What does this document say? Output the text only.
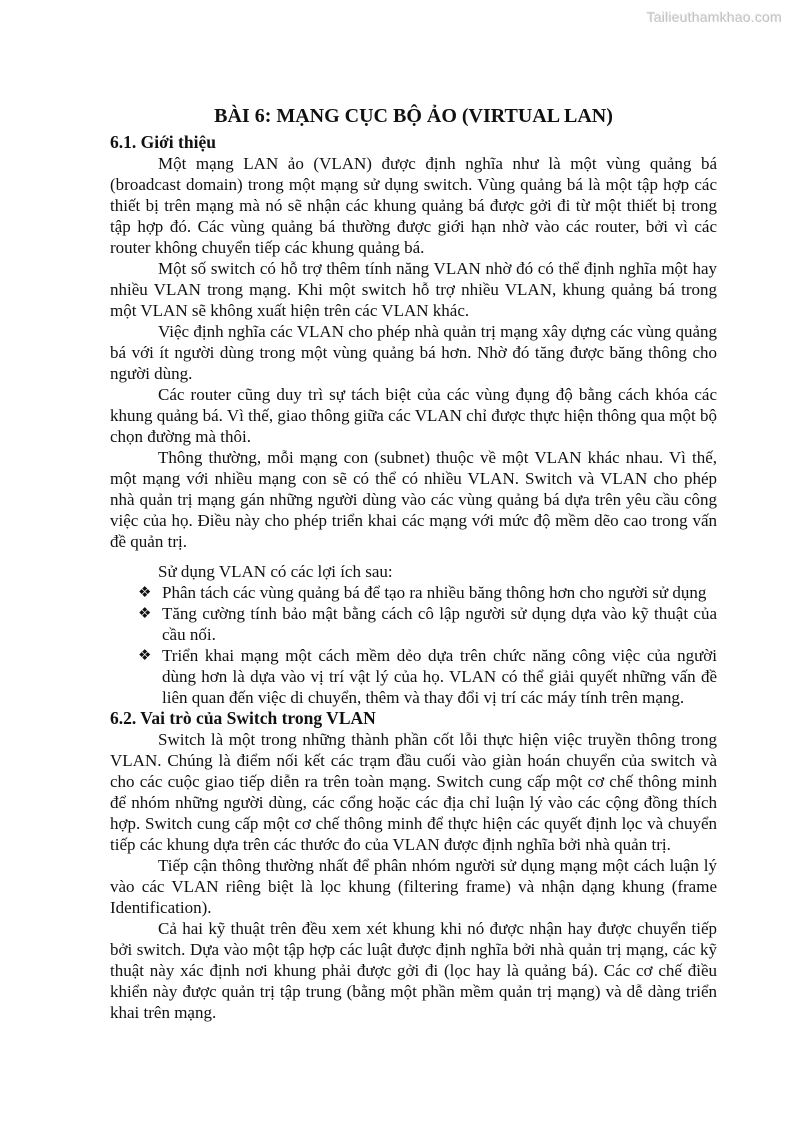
Tailieuthamkhao.com
BÀI 6: MẠNG CỤC BỘ ẢO (VIRTUAL LAN)
6.1. Giới thiệu

Một mạng LAN ảo (VLAN) được định nghĩa như là một vùng quảng bá (broadcast domain) trong một mạng sử dụng switch. Vùng quảng bá là một tập hợp các thiết bị trên mạng mà nó sẽ nhận các khung quảng bá được gởi đi từ một thiết bị trong tập hợp đó. Các vùng quảng bá thường được giới hạn nhờ vào các router, bởi vì các router không chuyển tiếp các khung quảng bá.

Một số switch có hỗ trợ thêm tính năng VLAN nhờ đó có thể định nghĩa một hay nhiều VLAN trong mạng. Khi một switch hỗ trợ nhiều VLAN, khung quảng bá trong một VLAN sẽ không xuất hiện trên các VLAN khác.

Việc định nghĩa các VLAN cho phép nhà quản trị mạng xây dựng các vùng quảng bá với ít người dùng trong một vùng quảng bá hơn. Nhờ đó tăng được băng thông cho người dùng.

Các router cũng duy trì sự tách biệt của các vùng đụng độ bằng cách khóa các khung quảng bá. Vì thế, giao thông giữa các VLAN chỉ được thực hiện thông qua một bộ chọn đường mà thôi.

Thông thường, mỗi mạng con (subnet) thuộc về một VLAN khác nhau. Vì thế, một mạng với nhiều mạng con sẽ có thể có nhiều VLAN. Switch và VLAN cho phép nhà quản trị mạng gán những người dùng vào các vùng quảng bá dựa trên yêu cầu công việc của họ. Điều này cho phép triển khai các mạng với mức độ mềm dẽo cao trong vấn đề quản trị.

Sử dụng VLAN có các lợi ích sau:

❖ Phân tách các vùng quảng bá để tạo ra nhiều băng thông hơn cho người sử dụng
❖ Tăng cường tính bảo mật bằng cách cô lập người sử dụng dựa vào kỹ thuật của cầu nối.
❖ Triển khai mạng một cách mềm dẻo dựa trên chức năng công việc của người dùng hơn là dựa vào vị trí vật lý của họ. VLAN có thể giải quyết những vấn đề liên quan đến việc di chuyển, thêm và thay đổi vị trí các máy tính trên mạng.
6.2. Vai trò của Switch trong VLAN

Switch là một trong những thành phần cốt lỗi thực hiện việc truyền thông trong VLAN. Chúng là điểm nối kết các trạm đầu cuối vào giàn hoán chuyển của switch và cho các cuộc giao tiếp diễn ra trên toàn mạng. Switch cung cấp một cơ chế thông minh để nhóm những người dùng, các cổng hoặc các địa chỉ luận lý vào các cộng đồng thích hợp. Switch cung cấp một cơ chế thông minh để thực hiện các quyết định lọc và chuyển tiếp các khung dựa trên các thước đo của VLAN được định nghĩa bởi nhà quản trị.

Tiếp cận thông thường nhất để phân nhóm người sử dụng mạng một cách luận lý vào các VLAN riêng biệt là lọc khung (filtering frame) và nhận dạng khung (frame Identification).

Cả hai kỹ thuật trên đều xem xét khung khi nó được nhận hay được chuyển tiếp bởi switch. Dựa vào một tập hợp các luật được định nghĩa bởi nhà quản trị mạng, các kỹ thuật này xác định nơi khung phải được gởi đi (lọc hay là quảng bá). Các cơ chế điều khiển này được quản trị tập trung (bằng một phần mềm quản trị mạng) và dễ dàng triển khai trên mạng.
